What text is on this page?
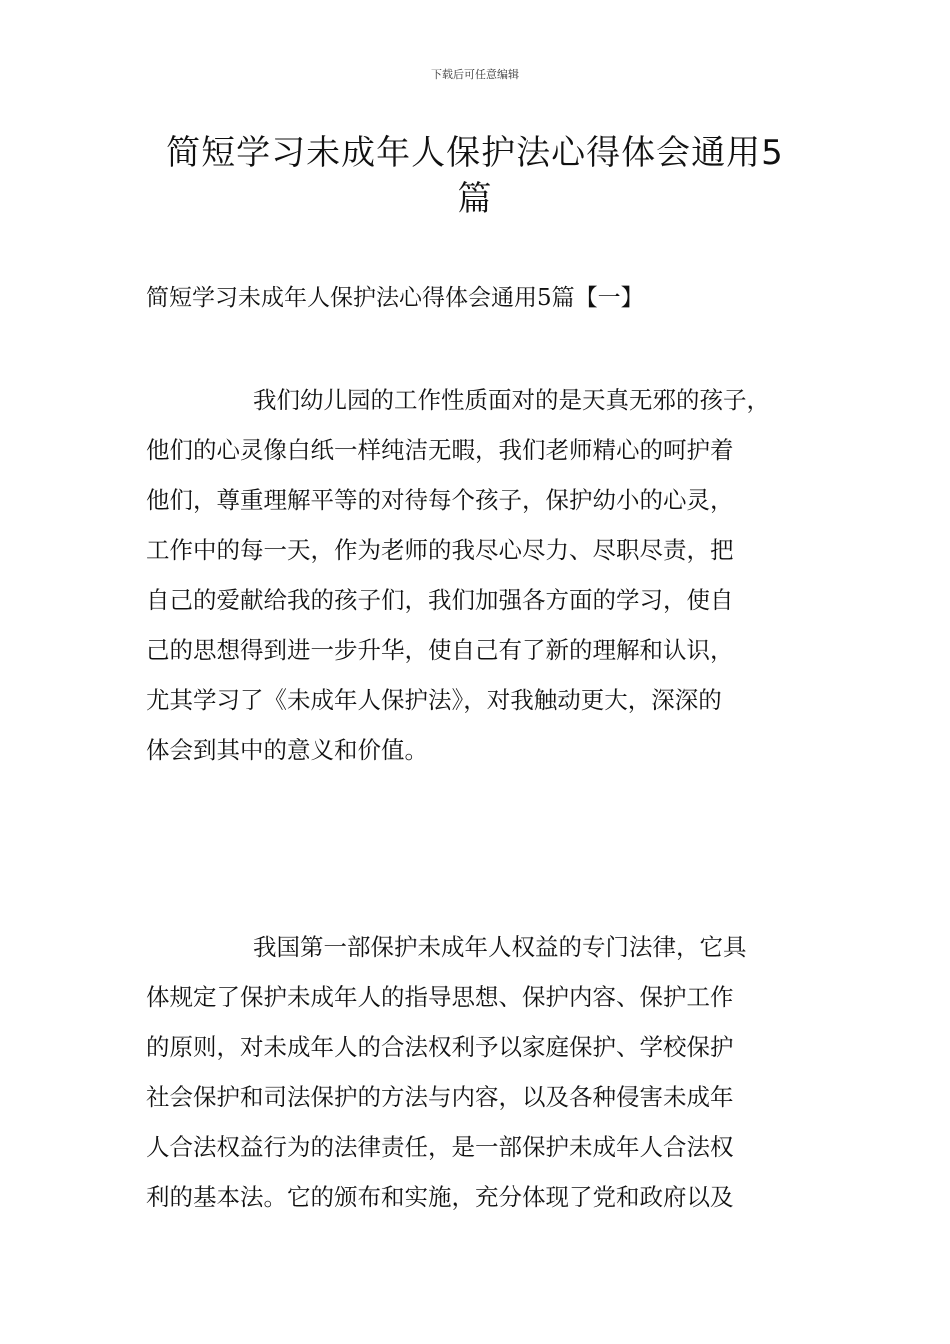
下载后可任意编辑
简短学习未成年人保护法心得体会通用5
篇
简短学习未成年人保护法心得体会通用5篇【一】
我们幼儿园的工作性质面对的是天真无邪的孩子，
他们的心灵像白纸一样纯洁无暇，我们老师精心的呵护着
他们，尊重理解平等的对待每个孩子，保护幼小的心灵，
工作中的每一天，作为老师的我尽心尽力、尽职尽责，把
自己的爱献给我的孩子们，我们加强各方面的学习，使自
己的思想得到进一步升华，使自己有了新的理解和认识，
尤其学习了《未成年人保护法》，对我触动更大，深深的
体会到其中的意义和价值。
我国第一部保护未成年人权益的专门法律，它具
体规定了保护未成年人的指导思想、保护内容、保护工作
的原则，对未成年人的合法权利予以家庭保护、学校保护
社会保护和司法保护的方法与内容，以及各种侵害未成年
人合法权益行为的法律责任，是一部保护未成年人合法权
利的基本法。它的颁布和实施，充分体现了党和政府以及
